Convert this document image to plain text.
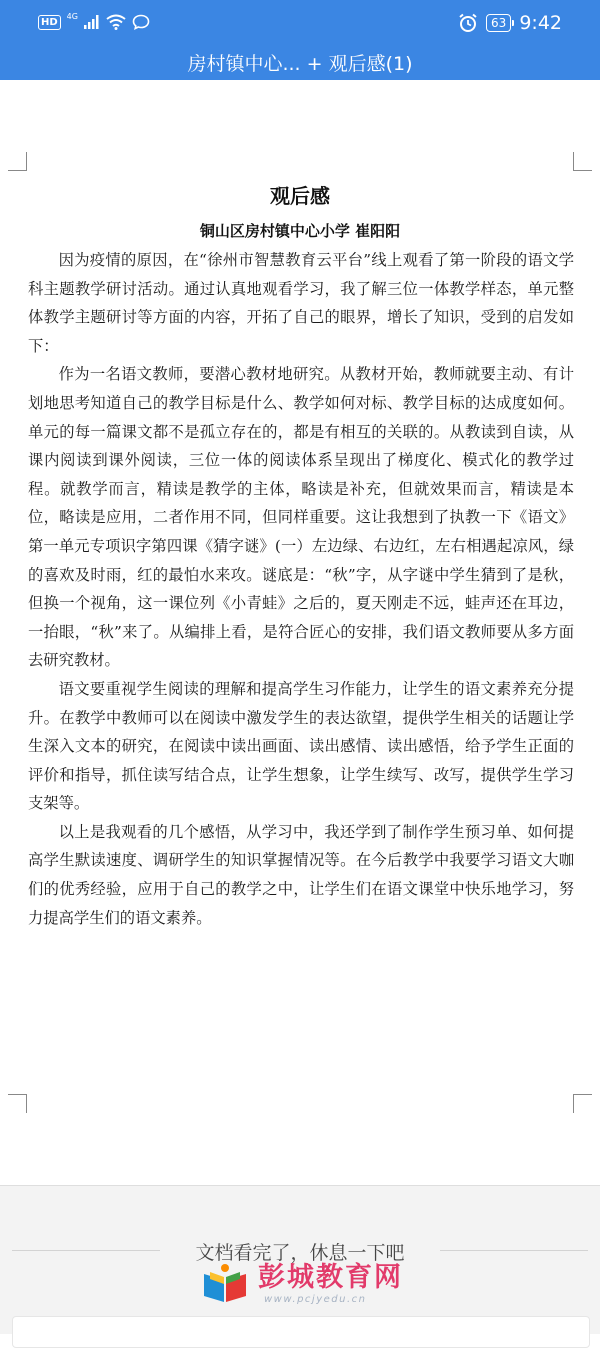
HD
4G	63 9:42
房村镇中心... + 观后感(1)
观后感
铜山区房村镇中心小学 崔阳阳

因为疫情的原因，在“徐州市智慧教育云平台”线上观看了第一阶段的语文学科主题教学研讨活动。通过认真地观看学习，我了解三位一体教学样态，单元整体教学主题研讨等方面的内容，开拓了自己的眼界，增长了知识，受到的启发如下：

作为一名语文教师，要潜心教材地研究。从教材开始，教师就要主动、有计划地思考知道自己的教学目标是什么、教学如何对标、教学目标的达成度如何。单元的每一篇课文都不是孤立存在的，都是有相互的关联的。从教读到自读，从课内阅读到课外阅读，三位一体的阅读体系呈现出了梯度化、模式化的教学过程。就教学而言，精读是教学的主体，略读是补充，但就效果而言，精读是本位，略读是应用，二者作用不同，但同样重要。这让我想到了执教一下《语文》第一单元专项识字第四课《猜字谜》(一）左边绿、右边红，左右相遇起凉风，绿的喜欢及时雨，红的最怕水来攻。谜底是：“秋”字，从字谜中学生猜到了是秋，但换一个视角，这一课位列《小青蛙》之后的，夏天刚走不远，蛙声还在耳边，一抬眼，“秋”来了。从编排上看，是符合匠心的安排，我们语文教师要从多方面去研究教材。

语文要重视学生阅读的理解和提高学生习作能力，让学生的语文素养充分提升。在教学中教师可以在阅读中激发学生的表达欲望，提供学生相关的话题让学生深入文本的研究，在阅读中读出画面、读出感情、读出感悟，给予学生正面的评价和指导，抓住读写结合点，让学生想象，让学生续写、改写，提供学生学习支架等。

以上是我观看的几个感悟，从学习中，我还学到了制作学生预习单、如何提高学生默读速度、调研学生的知识掌握情况等。在今后教学中我要学习语文大咖们的优秀经验，应用于自己的教学之中，让学生们在语文课堂中快乐地学习，努力提高学生们的语文素养。

文档看完了，休息一下吧
彭城教育网
www.pcjyedu.cn
